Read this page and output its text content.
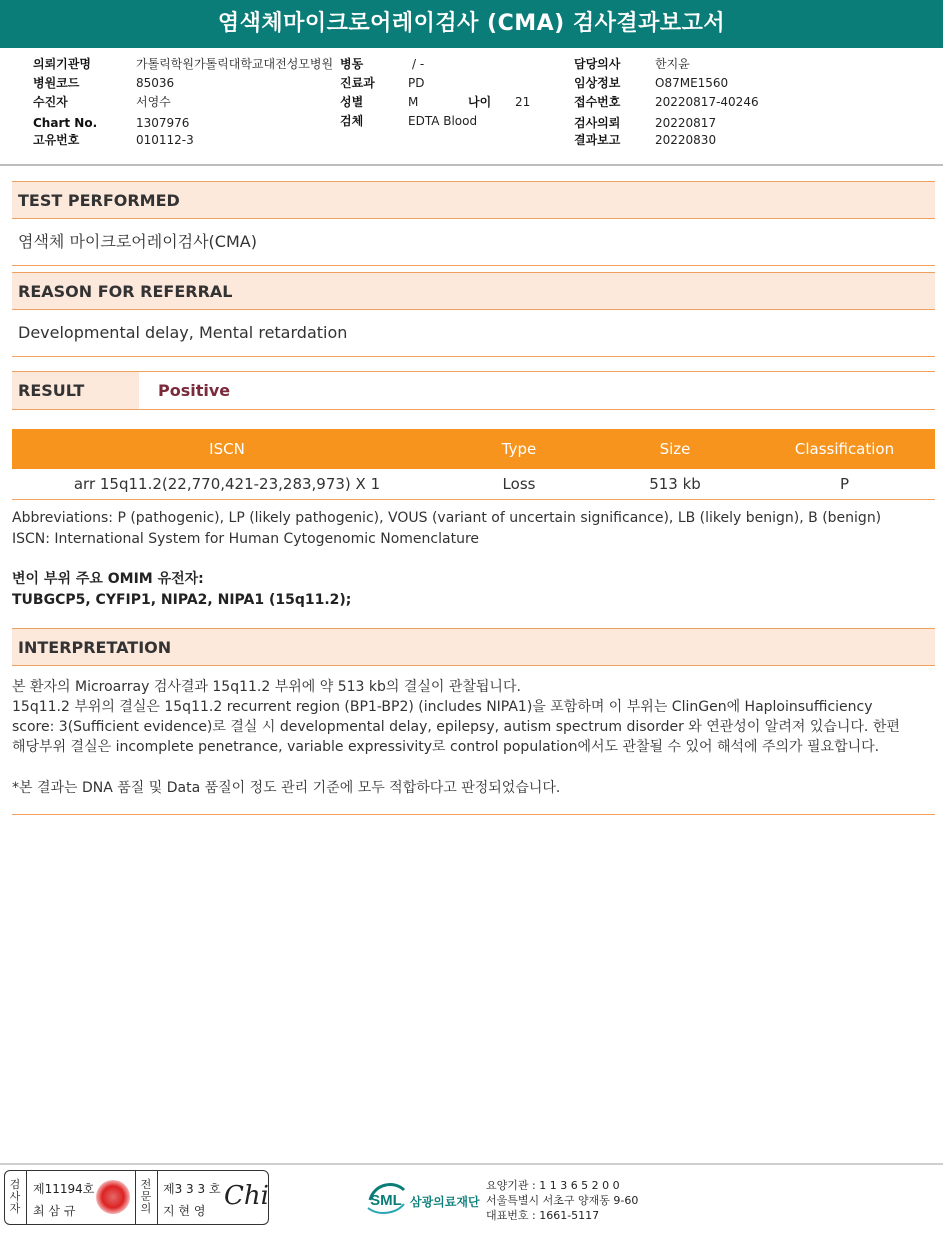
염색체마이크로어레이검사 (CMA) 검사결과보고서
의뢰기관명	가톨릭학원가톨릭대학교대전성모병원 병동	/ -	담당의사	한지윤
병원코드	85036	진료과	PD	임상정보	O87ME1560
수진자	서영수	성별	M	나이 21	접수번호	20220817-40246
Chart No.	1307976	검체	EDTA Blood	검사의뢰	20220817
고유번호	010112-3	결과보고	20220830
TEST PERFORMED
염색체 마이크로어레이검사(CMA)
REASON FOR REFERRAL
Developmental delay, Mental retardation
RESULT	Positive
ISCN	Type	Size	Classification
arr 15q11.2(22,770,421-23,283,973) X 1	Loss	513 kb	P
Abbreviations: P (pathogenic), LP (likely pathogenic), VOUS (variant of uncertain significance), LB (likely benign), B (benign)
ISCN: International System for Human Cytogenomic Nomenclature
변이 부위 주요 OMIM 유전자:
TUBGCP5, CYFIP1, NIPA2, NIPA1 (15q11.2);
INTERPRETATION
본 환자의 Microarray 검사결과 15q11.2 부위에 약 513 kb의 결실이 관찰됩니다.
15q11.2 부위의 결실은 15q11.2 recurrent region (BP1-BP2) (includes NIPA1)을 포함하며 이 부위는 ClinGen에 Haploinsufficiency
score: 3(Sufficient evidence)로 결실 시 developmental delay, epilepsy, autism spectrum disorder 와 연관성이 알려져 있습니다. 한편
해당부위 결실은 incomplete penetrance, variable expressivity로 control population에서도 관찰될 수 있어 해석에 주의가 필요합니다.
*본 결과는 DNA 품질 및 Data 품질이 정도 관리 기준에 모두 적합하다고 판정되었습니다.
검
사
자
제11194호
최 삼 규
전
문
의
제3 3 3 호
지 현 영 Chi	SML 삼광의료재단
요양기관 : 1 1 3 6 5 2 0 0
서울특별시 서초구 양재동 9-60
대표번호 : 1661-5117
